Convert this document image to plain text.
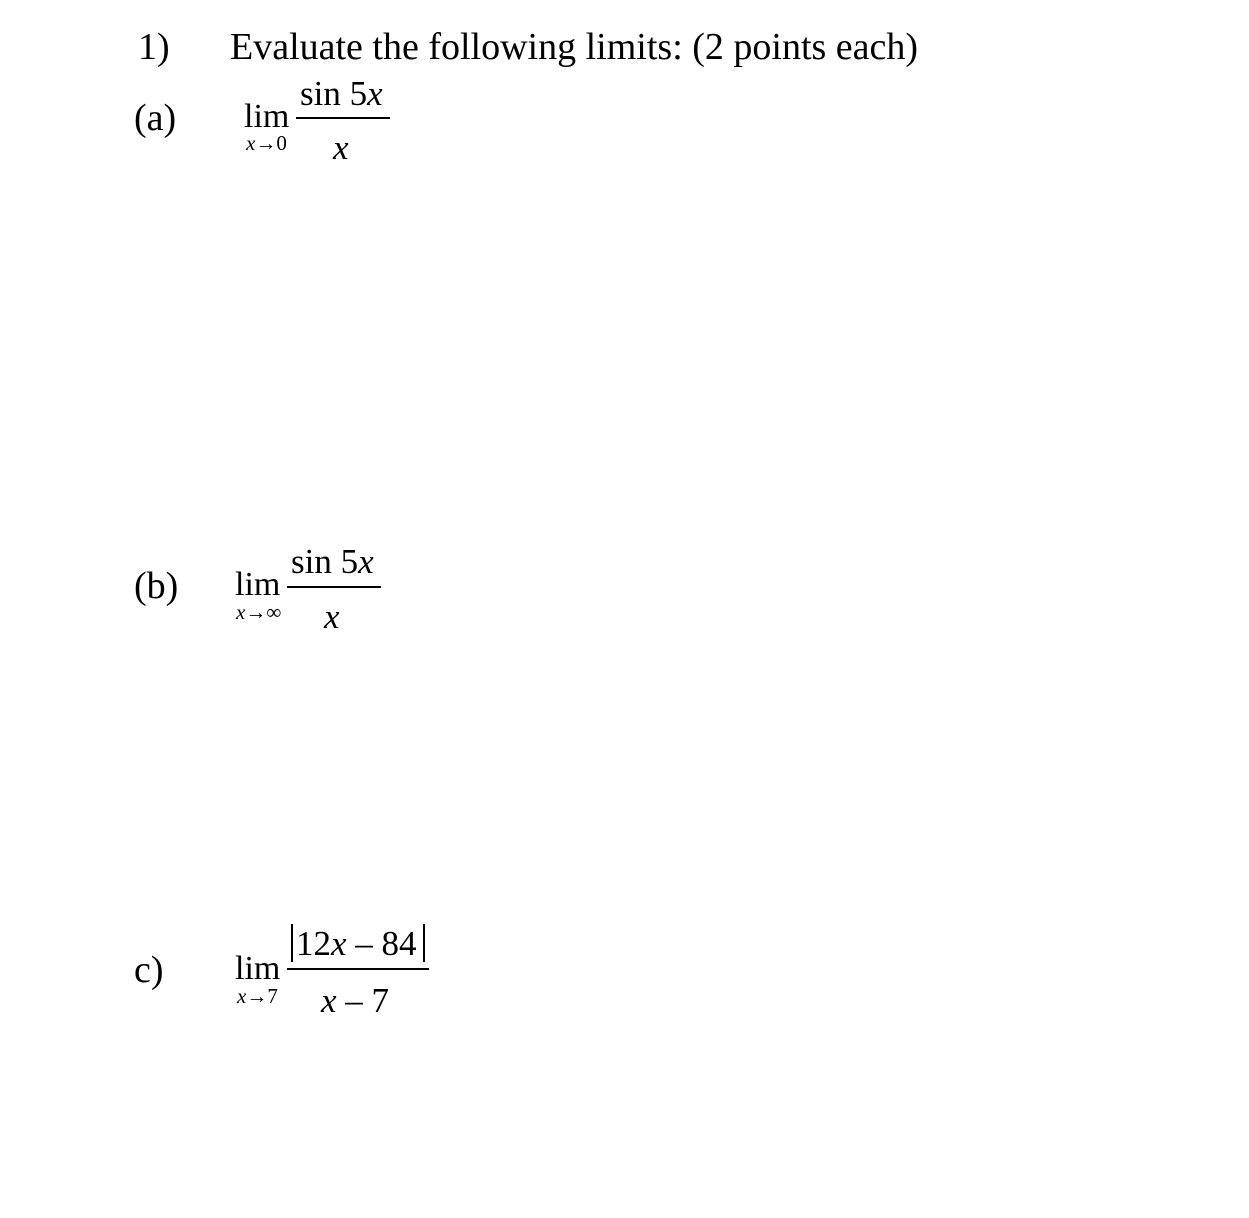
1) Evaluate the following limits: (2 points each)
(a) lim
x→0
sin 5x
x
(b) lim
x→∞
sin 5x
x
c) lim
x→7
12x – 84
x – 7
